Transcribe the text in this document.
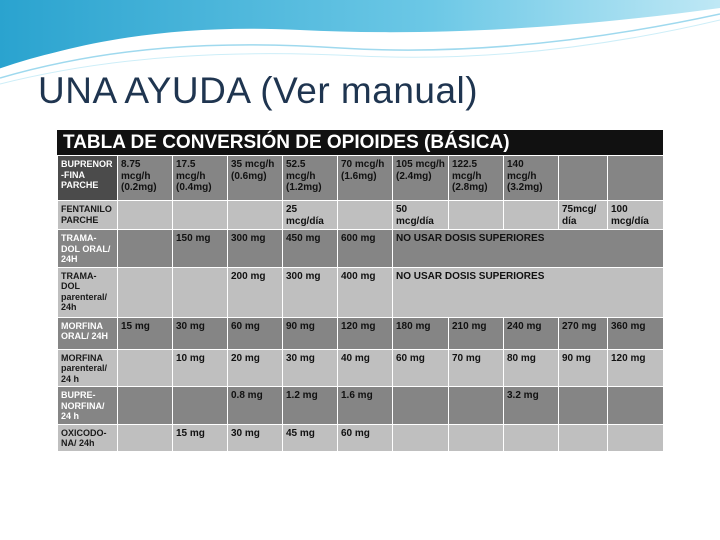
UNA AYUDA (Ver manual)
TABLA DE CONVERSIÓN DE OPIOIDES (BÁSICA)
BUPRENOR -FINA PARCHE	8.75 mcg/h (0.2mg)	17.5 mcg/h (0.4mg)	35 mcg/h (0.6mg)	52.5 mcg/h (1.2mg)	70 mcg/h (1.6mg)	105 mcg/h (2.4mg)	122.5 mcg/h (2.8mg)	140 mcg/h (3.2mg)		
FENTANILO PARCHE				25 mcg/día		50 mcg/día			75mcg/ día	100 mcg/día
TRAMA-DOL ORAL/ 24H		150 mg	300 mg	450 mg	600 mg	NO USAR DOSIS SUPERIORES				
TRAMA-DOL parenteral/ 24h			200 mg	300 mg	400 mg	NO USAR DOSIS SUPERIORES				
MORFINA ORAL/ 24H	15 mg	30 mg	60 mg	90 mg	120 mg	180 mg	210 mg	240 mg	270 mg	360 mg
MORFINA parenteral/ 24 h		10 mg	20 mg	30 mg	40 mg	60 mg	70 mg	80 mg	90 mg	120 mg
BUPRE-NORFINA/ 24 h			0.8 mg	1.2 mg	1.6 mg			3.2 mg		
OXICODO-NA/ 24h		15 mg	30 mg	45 mg	60 mg					
